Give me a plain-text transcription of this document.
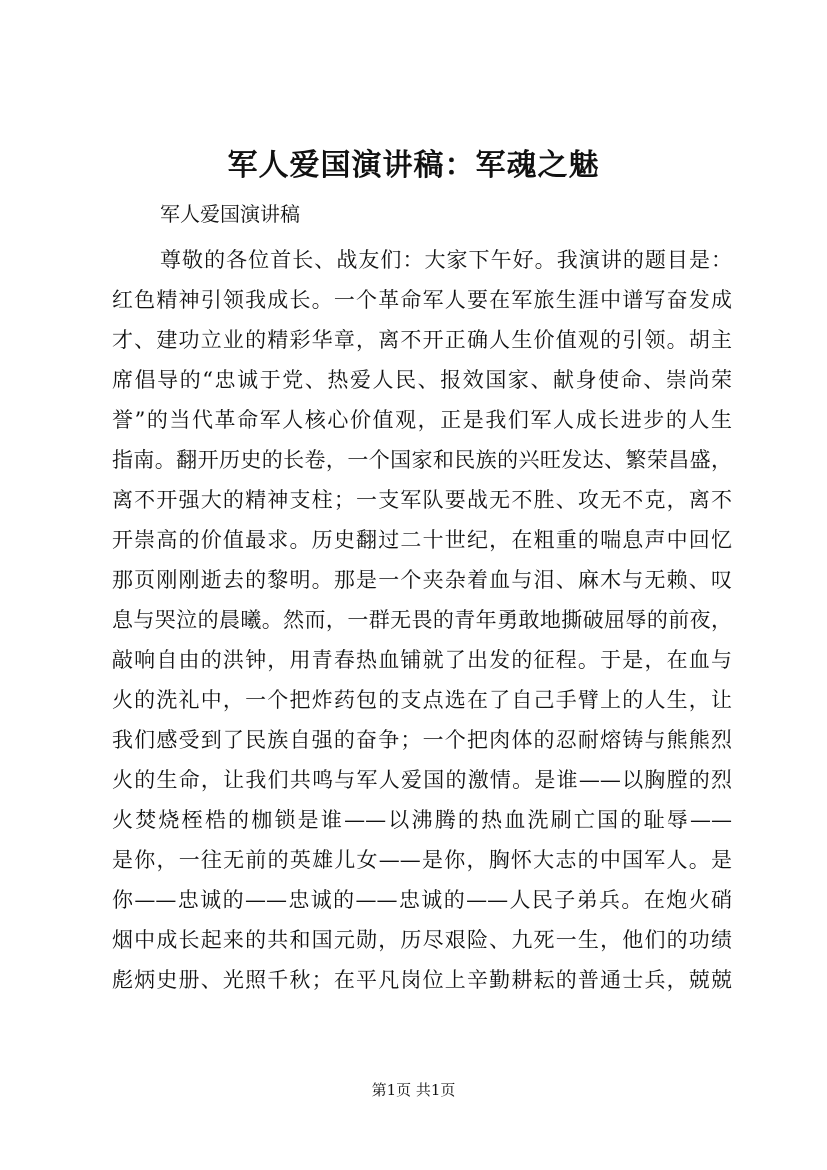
军人爱国演讲稿：军魂之魅

军人爱国演讲稿

尊敬的各位首长、战友们：大家下午好。我演讲的题目是：
红色精神引领我成长。一个革命军人要在军旅生涯中谱写奋发成
才、建功立业的精彩华章，离不开正确人生价值观的引领。胡主
席倡导的“忠诚于党、热爱人民、报效国家、献身使命、崇尚荣
誉”的当代革命军人核心价值观，正是我们军人成长进步的人生
指南。翻开历史的长卷，一个国家和民族的兴旺发达、繁荣昌盛，
离不开强大的精神支柱；一支军队要战无不胜、攻无不克，离不
开崇高的价值最求。历史翻过二十世纪，在粗重的喘息声中回忆
那页刚刚逝去的黎明。那是一个夹杂着血与泪、麻木与无赖、叹
息与哭泣的晨曦。然而，一群无畏的青年勇敢地撕破屈辱的前夜，
敲响自由的洪钟，用青春热血铺就了出发的征程。于是，在血与
火的洗礼中，一个把炸药包的支点选在了自己手臂上的人生，让
我们感受到了民族自强的奋争；一个把肉体的忍耐熔铸与熊熊烈
火的生命，让我们共鸣与军人爱国的激情。是谁——以胸膛的烈
火焚烧桎梏的枷锁是谁——以沸腾的热血洗刷亡国的耻辱——
是你，一往无前的英雄儿女——是你，胸怀大志的中国军人。是
你——忠诚的——忠诚的——忠诚的——人民子弟兵。在炮火硝
烟中成长起来的共和国元勋，历尽艰险、九死一生，他们的功绩
彪炳史册、光照千秋；在平凡岗位上辛勤耕耘的普通士兵，兢兢

第1页 共1页
